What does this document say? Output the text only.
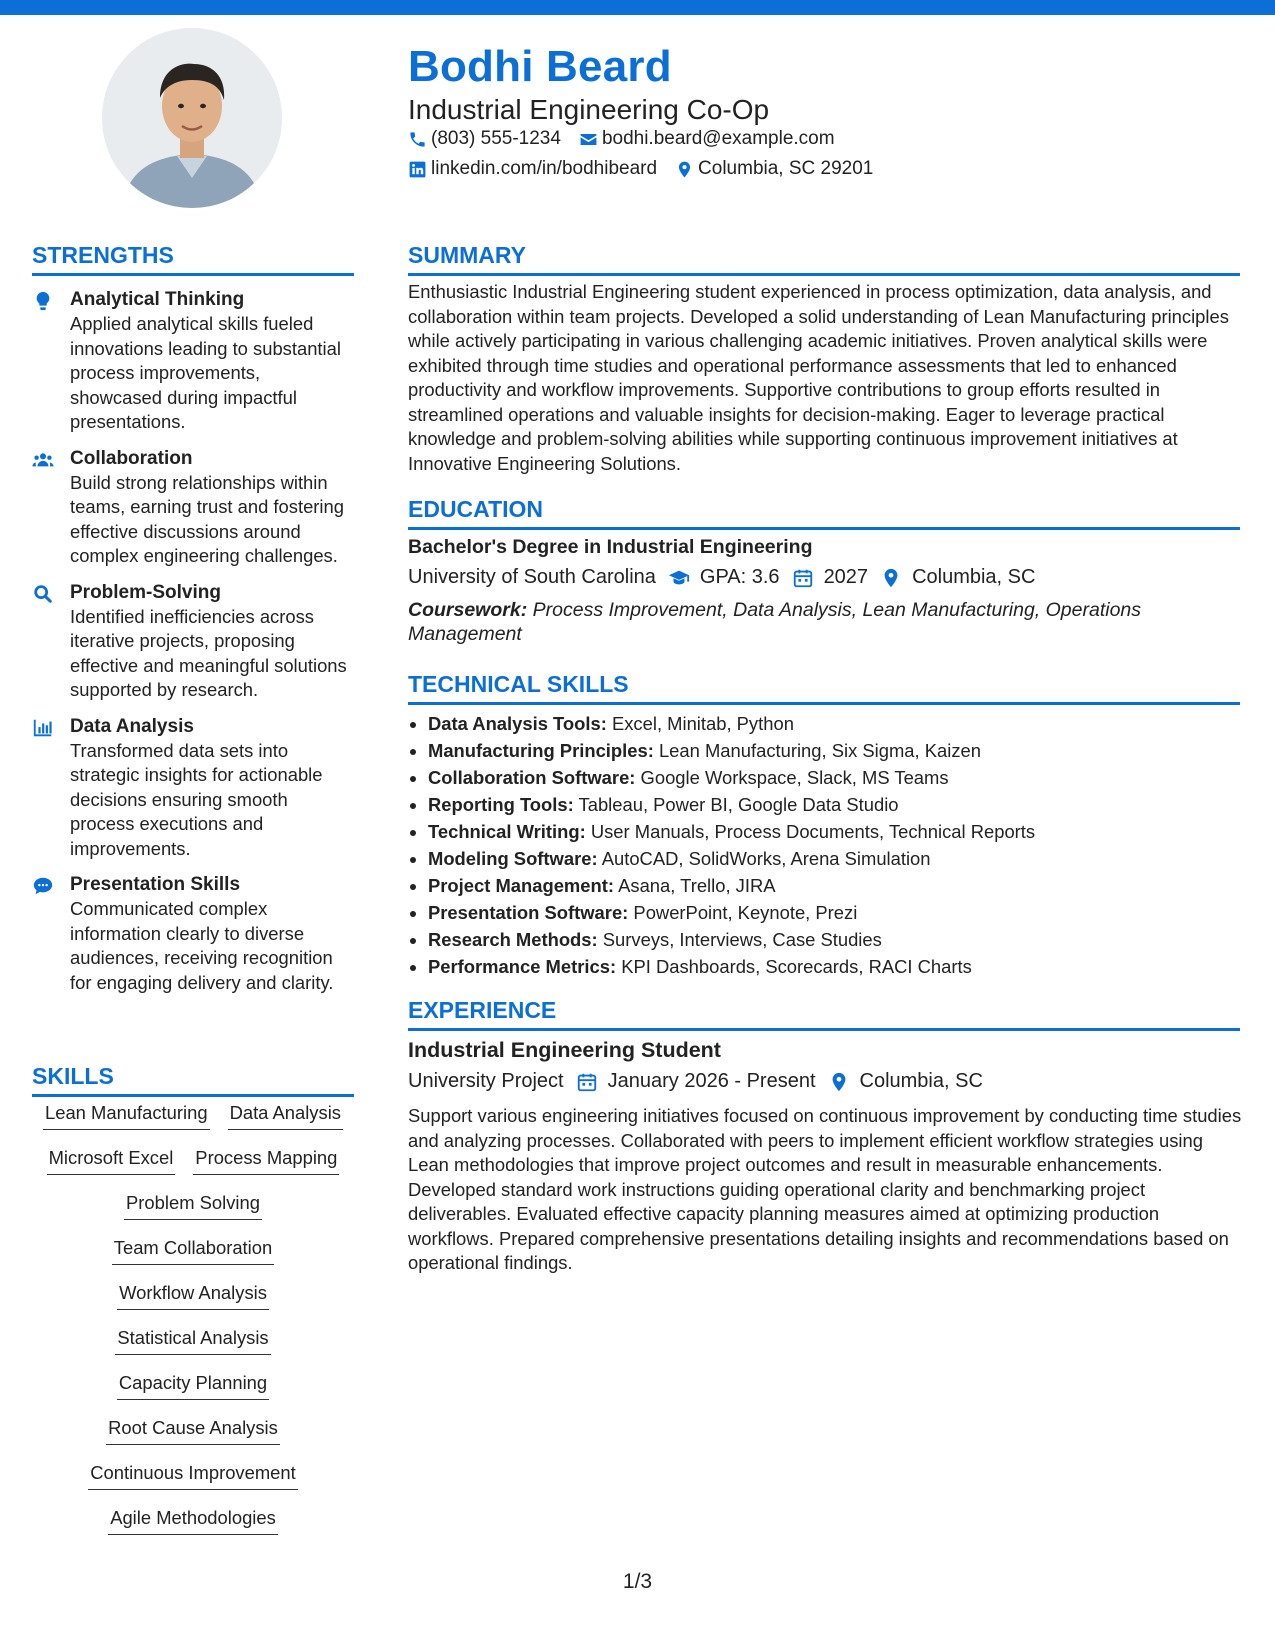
Bodhi Beard
Industrial Engineering Co-Op
(803) 555-1234 bodhi.beard@example.com
linkedin.com/in/bodhibeard Columbia, SC 29201
STRENGTHS
Analytical Thinking
Applied analytical skills fueled innovations leading to substantial process improvements, showcased during impactful presentations.
Collaboration
Build strong relationships within teams, earning trust and fostering effective discussions around complex engineering challenges.
Problem-Solving
Identified inefficiencies across iterative projects, proposing effective and meaningful solutions supported by research.
Data Analysis
Transformed data sets into strategic insights for actionable decisions ensuring smooth process executions and improvements.
Presentation Skills
Communicated complex information clearly to diverse audiences, receiving recognition for engaging delivery and clarity.
SKILLS
Lean Manufacturing Data Analysis
Microsoft Excel Process Mapping
Problem Solving
Team Collaboration
Workflow Analysis
Statistical Analysis
Capacity Planning
Root Cause Analysis
Continuous Improvement
Agile Methodologies
SUMMARY
Enthusiastic Industrial Engineering student experienced in process optimization, data analysis, and collaboration within team projects. Developed a solid understanding of Lean Manufacturing principles while actively participating in various challenging academic initiatives. Proven analytical skills were exhibited through time studies and operational performance assessments that led to enhanced productivity and workflow improvements. Supportive contributions to group efforts resulted in streamlined operations and valuable insights for decision-making. Eager to leverage practical knowledge and problem-solving abilities while supporting continuous improvement initiatives at Innovative Engineering Solutions.
EDUCATION
Bachelor's Degree in Industrial Engineering
University of South Carolina GPA: 3.6 2027 Columbia, SC
Coursework: Process Improvement, Data Analysis, Lean Manufacturing, Operations Management
TECHNICAL SKILLS
• Data Analysis Tools: Excel, Minitab, Python
• Manufacturing Principles: Lean Manufacturing, Six Sigma, Kaizen
• Collaboration Software: Google Workspace, Slack, MS Teams
• Reporting Tools: Tableau, Power BI, Google Data Studio
• Technical Writing: User Manuals, Process Documents, Technical Reports
• Modeling Software: AutoCAD, SolidWorks, Arena Simulation
• Project Management: Asana, Trello, JIRA
• Presentation Software: PowerPoint, Keynote, Prezi
• Research Methods: Surveys, Interviews, Case Studies
• Performance Metrics: KPI Dashboards, Scorecards, RACI Charts
EXPERIENCE
Industrial Engineering Student
University Project January 2026 - Present Columbia, SC
Support various engineering initiatives focused on continuous improvement by conducting time studies and analyzing processes. Collaborated with peers to implement efficient workflow strategies using Lean methodologies that improve project outcomes and result in measurable enhancements. Developed standard work instructions guiding operational clarity and benchmarking project deliverables. Evaluated effective capacity planning measures aimed at optimizing production workflows. Prepared comprehensive presentations detailing insights and recommendations based on operational findings.
1/3
